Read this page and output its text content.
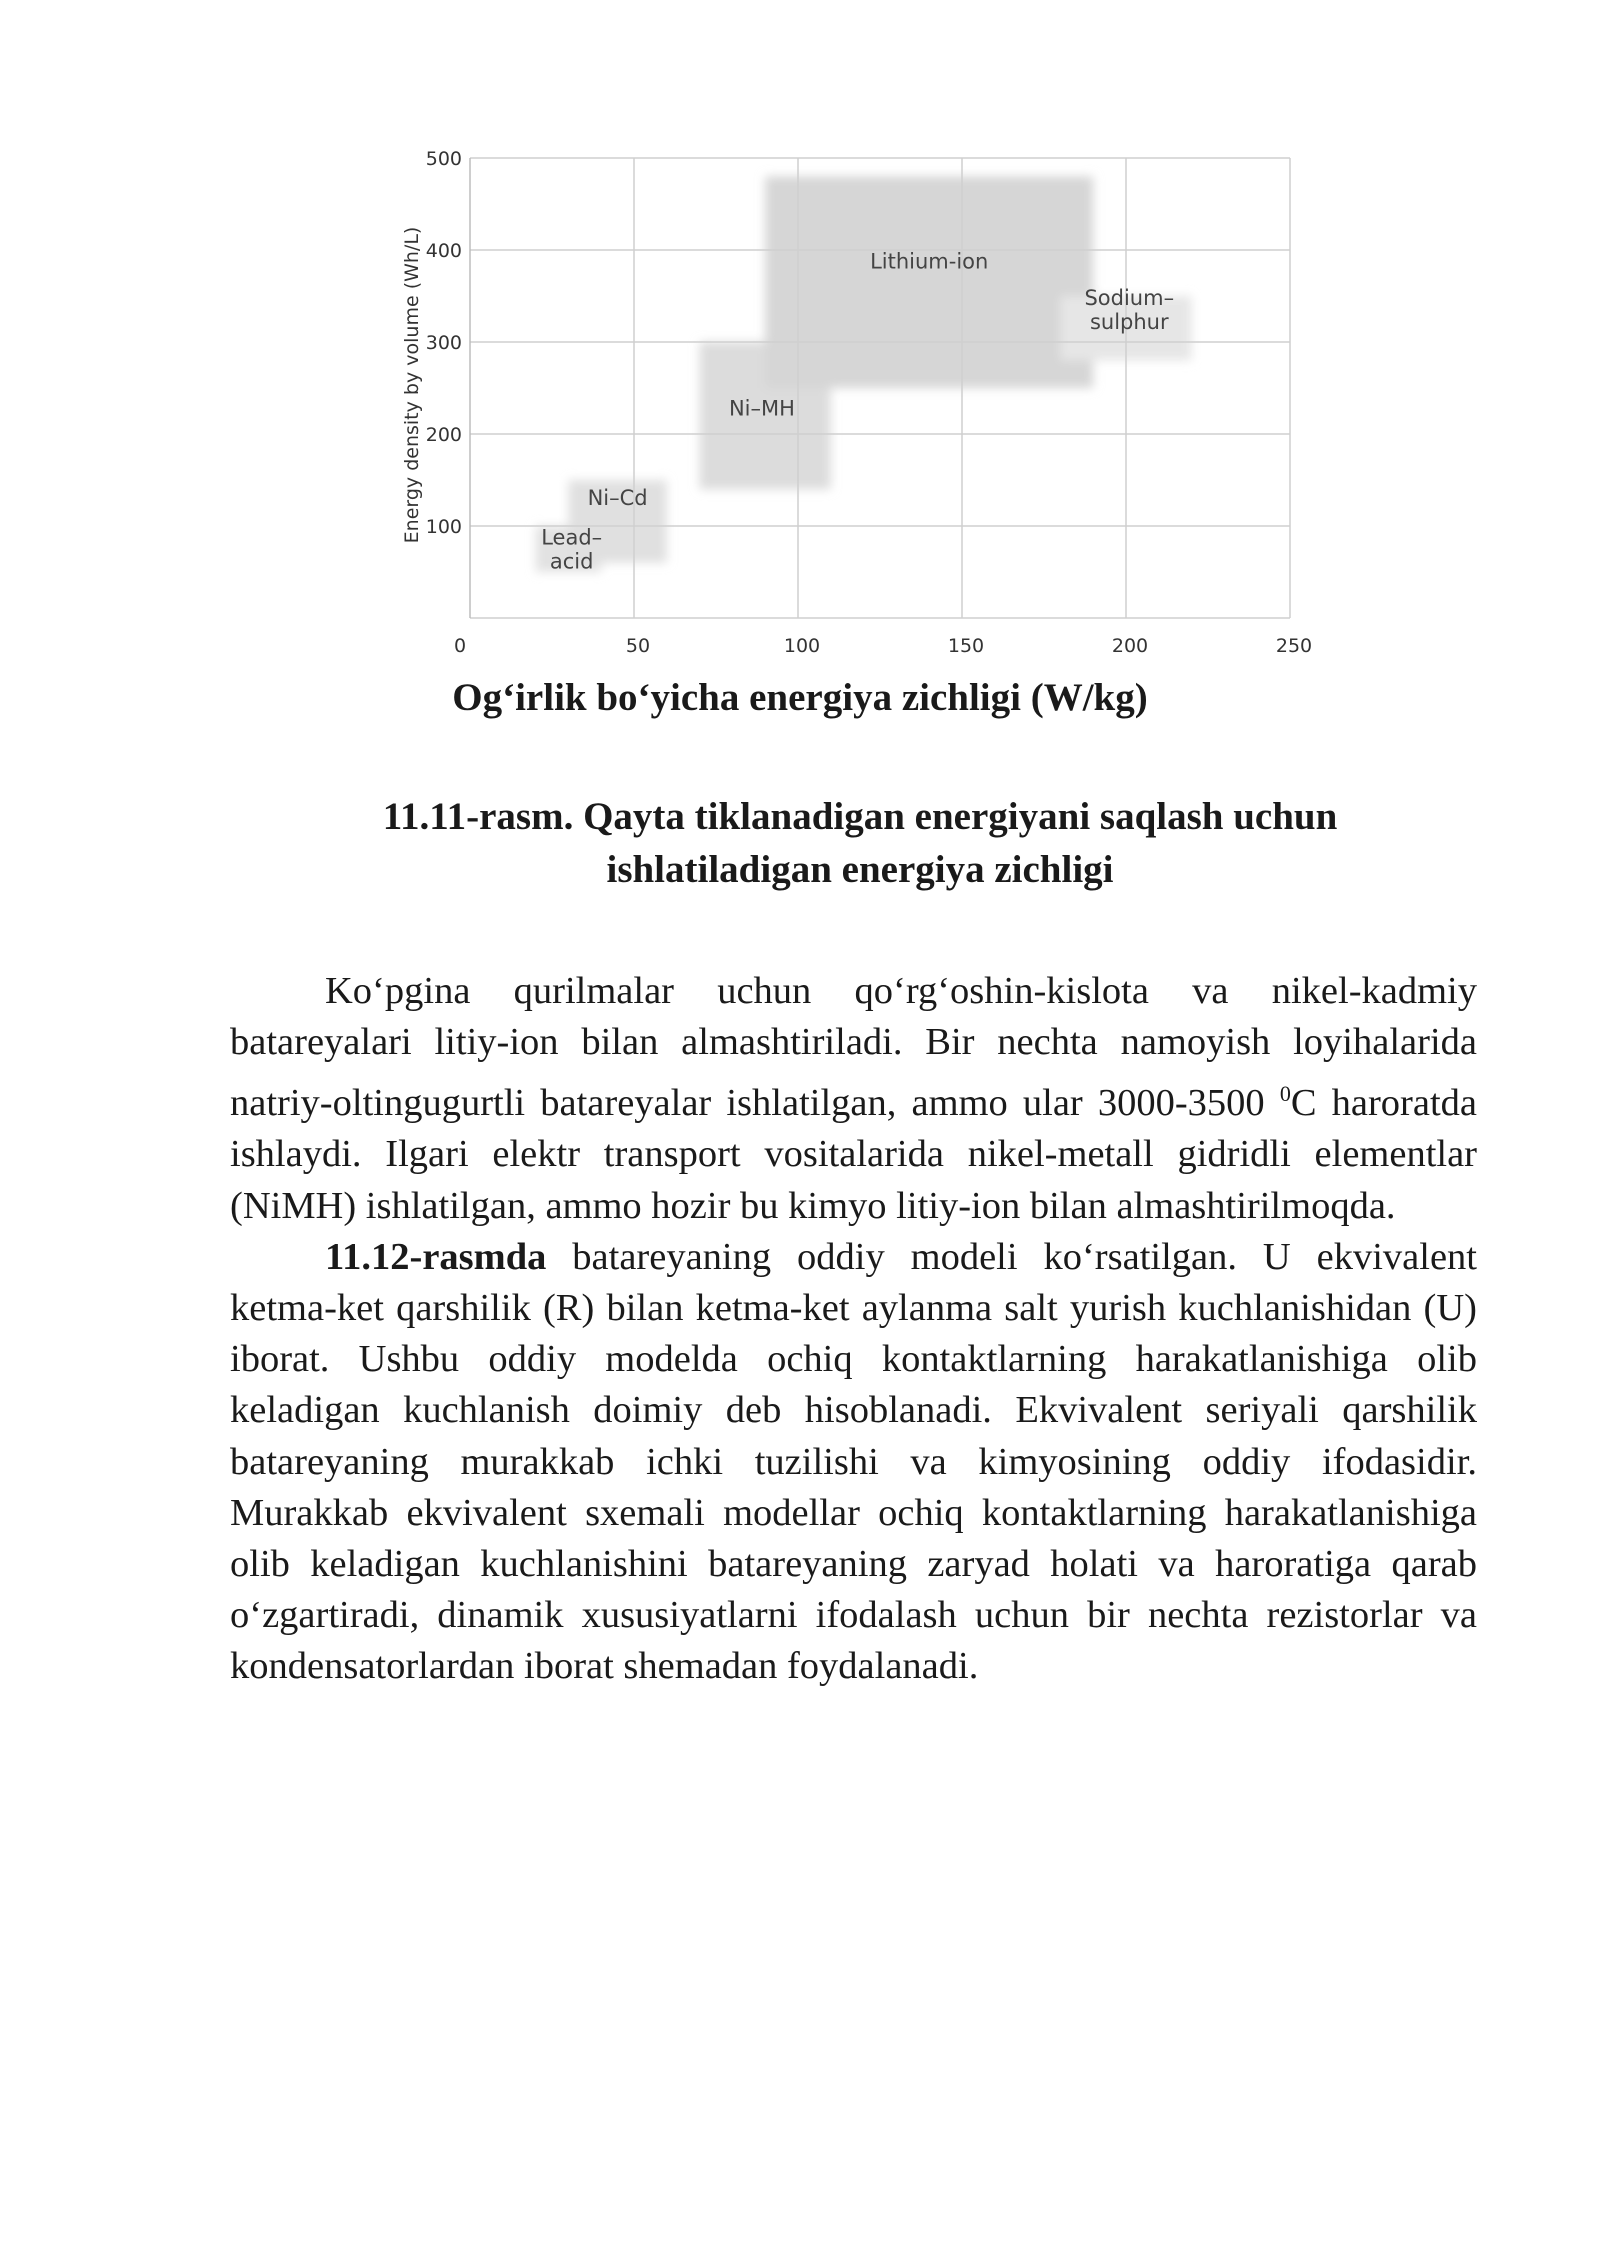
Lead– acid
Ni–Cd
Ni–MH
Lithium-ion
Sodium– sulphur
0	50	100	150	200	250
100
200
300
400
500
Energy density by volume (Wh/L)
Og‘irlik bo‘yicha energiya zichligi (W/kg)
11.11-rasm. Qayta tiklanadigan energiyani saqlash uchun
ishlatiladigan energiya zichligi

Ko‘pgina qurilmalar uchun qo‘rg‘oshin-kislota va nikel-kadmiy batareyalari litiy-ion bilan almashtiriladi. Bir nechta namoyish loyihalarida natriy-oltingugurtli batareyalar ishlatilgan, ammo ular 3000-3500 $^0$C haroratda ishlaydi. Ilgari elektr transport vositalarida nikel-metall gidridli elementlar (NiMH) ishlatilgan, ammo hozir bu kimyo litiy-ion bilan almashtirilmoqda.

11.12-rasmda batareyaning oddiy modeli ko‘rsatilgan. U ekvivalent ketma-ket qarshilik (R) bilan ketma-ket aylanma salt yurish kuchlanishidan (U) iborat. Ushbu oddiy modelda ochiq kontaktlarning harakatlanishiga olib keladigan kuchlanish doimiy deb hisoblanadi. Ekvivalent seriyali qarshilik batareyaning murakkab ichki tuzilishi va kimyosining oddiy ifodasidir. Murakkab ekvivalent sxemali modellar ochiq kontaktlarning harakatlanishiga olib keladigan kuchlanishini batareyaning zaryad holati va haroratiga qarab o‘zgartiradi, dinamik xususiyatlarni ifodalash uchun bir nechta rezistorlar va kondensatorlardan iborat shemadan foydalanadi.
